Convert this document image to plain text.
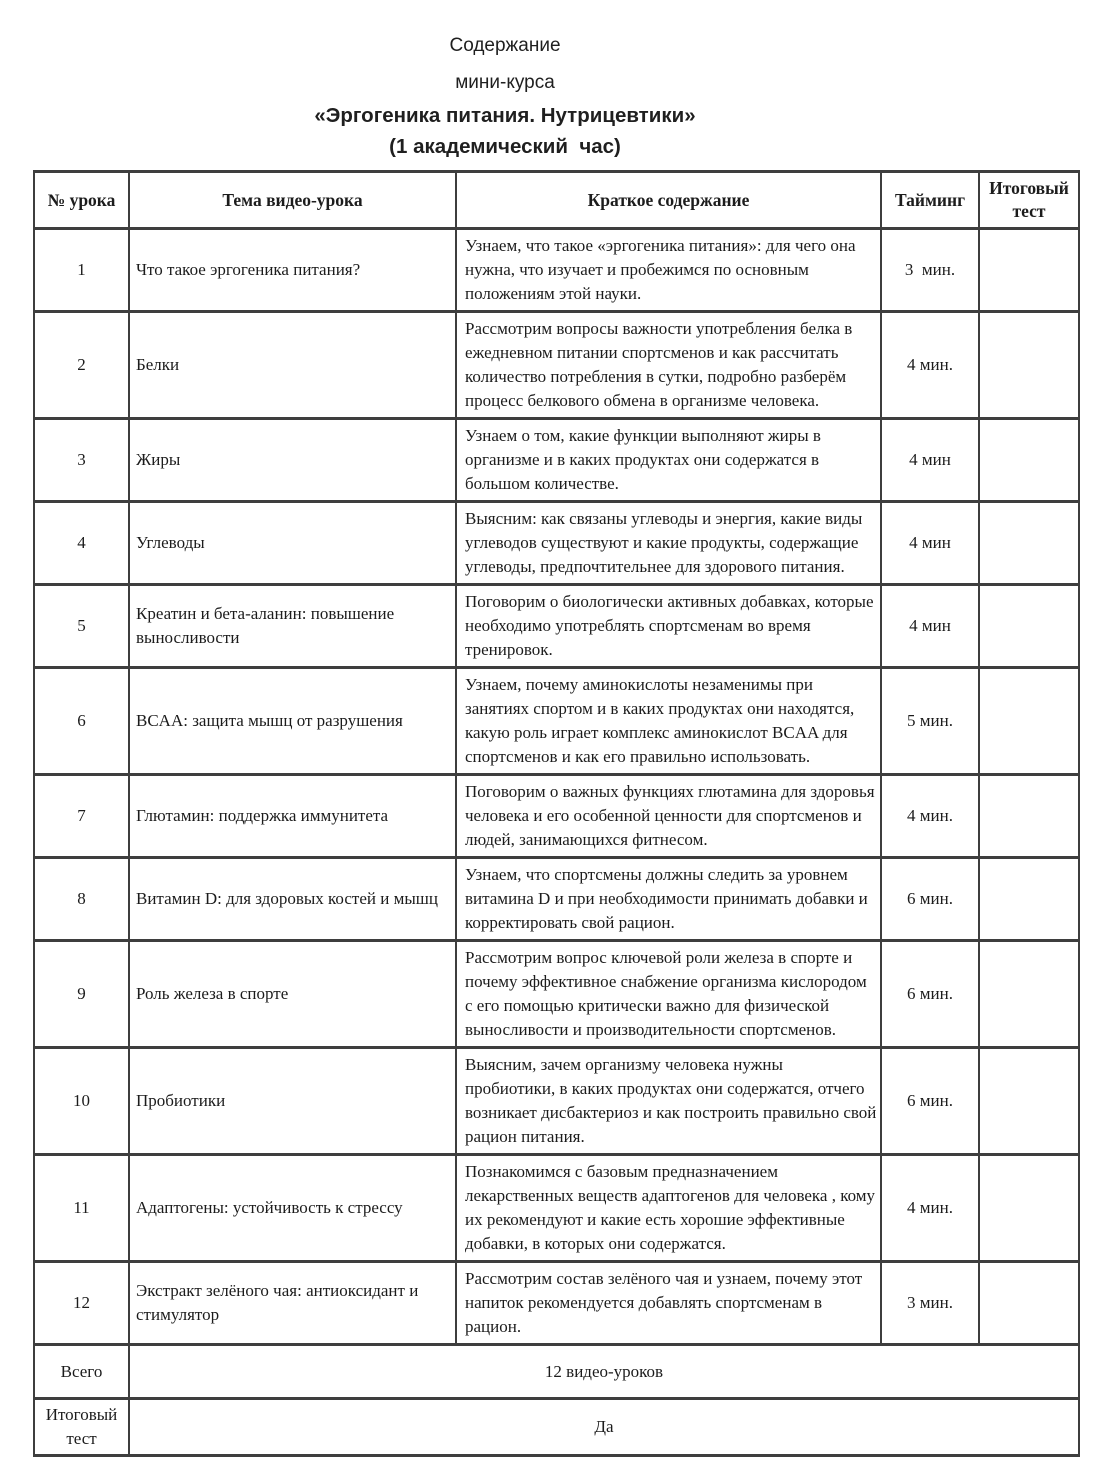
Содержание
мини-курса
«Эргогеника питания. Нутрицевтики»
(1 академический  час)
№ урока	Тема видео-урока	Краткое содержание	Тайминг	Итоговый тест
1	Что такое эргогеника питания?	Узнаем, что такое «эргогеника питания»: для чего она нужна, что изучает и пробежимся по основным положениям этой науки.	3  мин.	
2	Белки	Рассмотрим вопросы важности употребления белка в ежедневном питании спортсменов и как рассчитать количество потребления в сутки, подробно разберём процесс белкового обмена в организме человека.	4 мин.	
3	Жиры	Узнаем о том, какие функции выполняют жиры в организме и в каких продуктах они содержатся в большом количестве.	4 мин	
4	Углеводы	Выясним: как связаны углеводы и энергия, какие виды углеводов существуют и какие продукты, содержащие углеводы, предпочтительнее для здорового питания.	4 мин	
5	Креатин и бета-аланин: повышение выносливости	Поговорим о биологически активных добавках, которые необходимо употреблять спортсменам во время тренировок.	4 мин	
6	BCAA: защита мышц от разрушения	Узнаем, почему аминокислоты незаменимы при занятиях спортом и в каких продуктах они находятся, какую роль играет комплекс аминокислот BCAA для спортсменов и как его правильно использовать.	5 мин.	
7	Глютамин: поддержка иммунитета	Поговорим о важных функциях глютамина для здоровья человека и его особенной ценности для спортсменов и людей, занимающихся фитнесом.	4 мин.	
8	Витамин D: для здоровых костей и мышц	Узнаем, что спортсмены должны следить за уровнем витамина D и при необходимости принимать добавки и корректировать свой рацион.	6 мин.	
9	Роль железа в спорте	Рассмотрим вопрос ключевой роли железа в спорте и почему эффективное снабжение организма кислородом с его помощью критически важно для физической выносливости и производительности спортсменов.	6 мин.	
10	Пробиотики	Выясним, зачем организму человека нужны пробиотики, в каких продуктах они содержатся, отчего возникает дисбактериоз и как построить правильно свой рацион питания.	6 мин.	
11	Адаптогены: устойчивость к стрессу	Познакомимся с базовым предназначением лекарственных веществ адаптогенов для человека , кому их рекомендуют и какие есть хорошие эффективные добавки, в которых они содержатся.	4 мин.	
12	Экстракт зелёного чая: антиоксидант и стимулятор	Рассмотрим состав зелёного чая и узнаем, почему этот напиток рекомендуется добавлять спортсменам в рацион.	3 мин.	
Всего	12 видео-уроков			
Итоговый тест	Да			
